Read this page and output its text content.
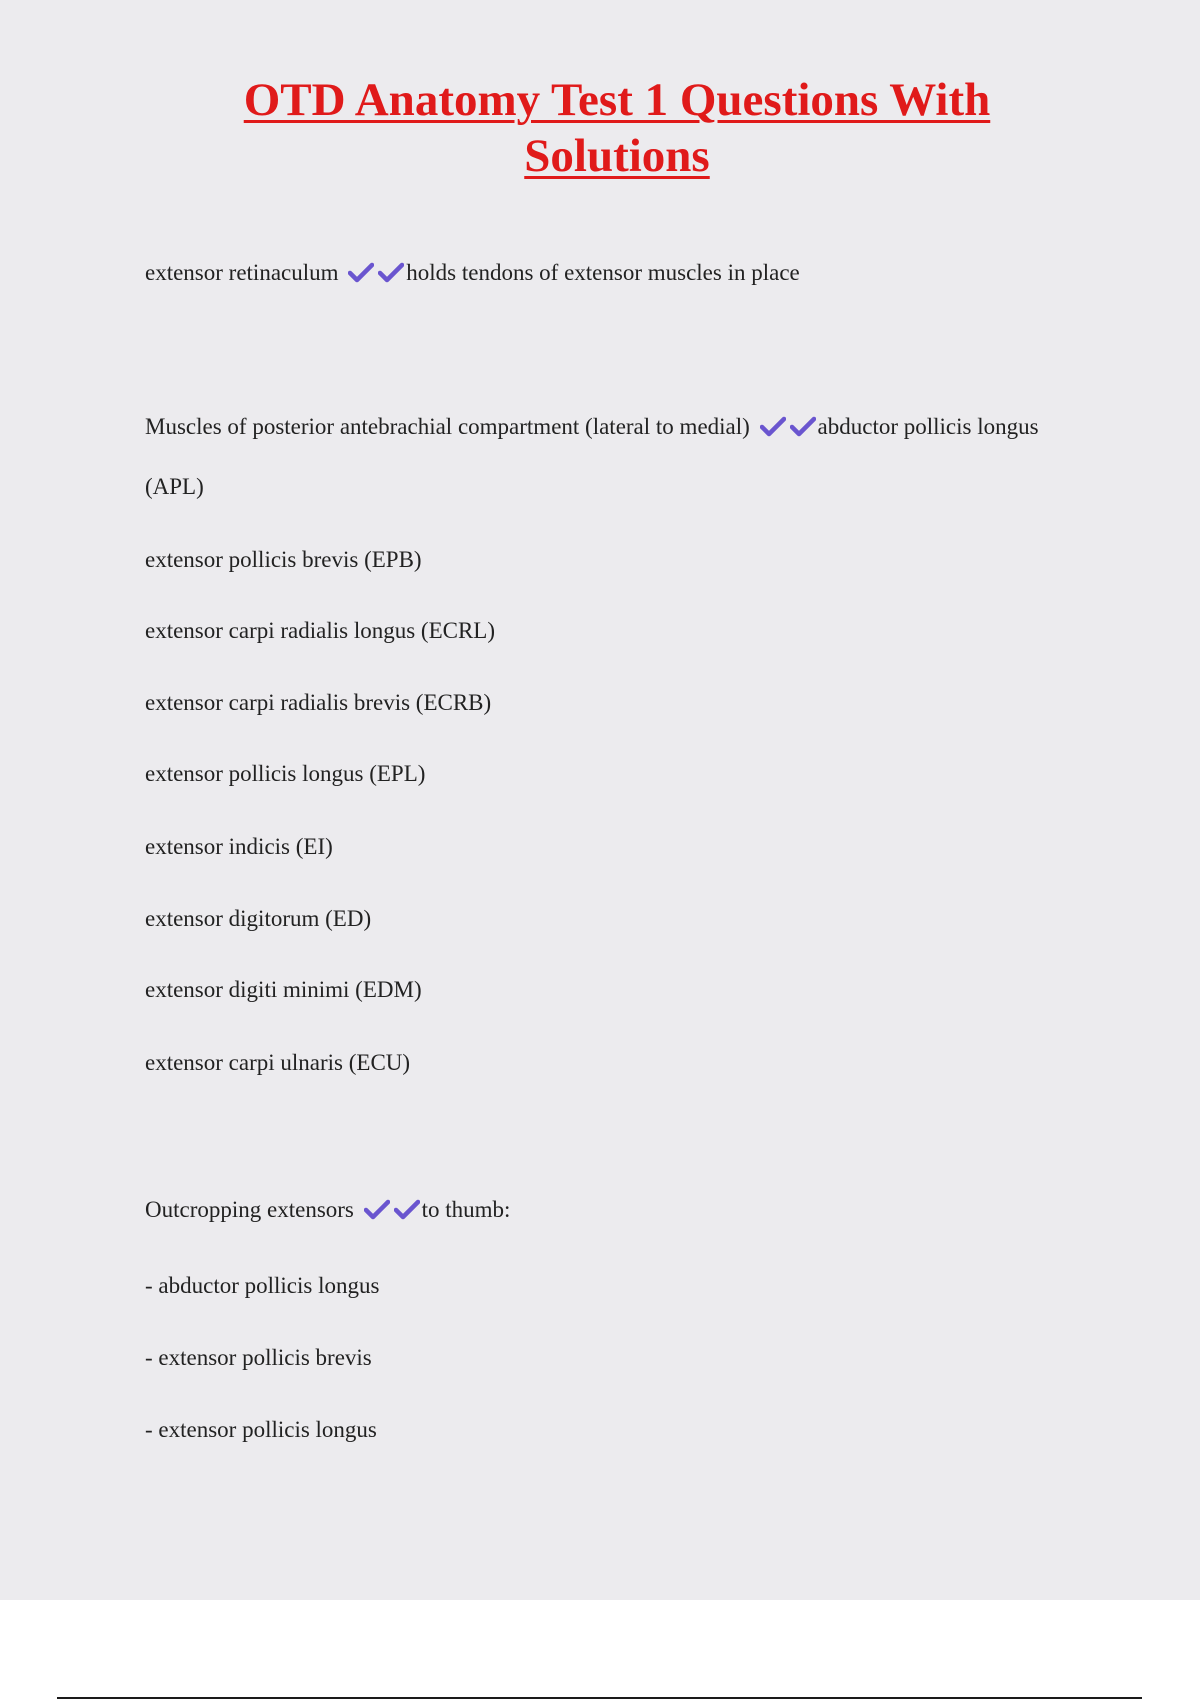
OTD Anatomy Test 1 Questions With
Solutions

extensor retinaculum	holds tendons of extensor muscles in place

Muscles of posterior antebrachial compartment (lateral to medial)	abductor pollicis longus

(APL)

extensor pollicis brevis (EPB)

extensor carpi radialis longus (ECRL)

extensor carpi radialis brevis (ECRB)

extensor pollicis longus (EPL)

extensor indicis (EI)

extensor digitorum (ED)

extensor digiti minimi (EDM)

extensor carpi ulnaris (ECU)

Outcropping extensors	to thumb:

- abductor pollicis longus

- extensor pollicis brevis

- extensor pollicis longus
